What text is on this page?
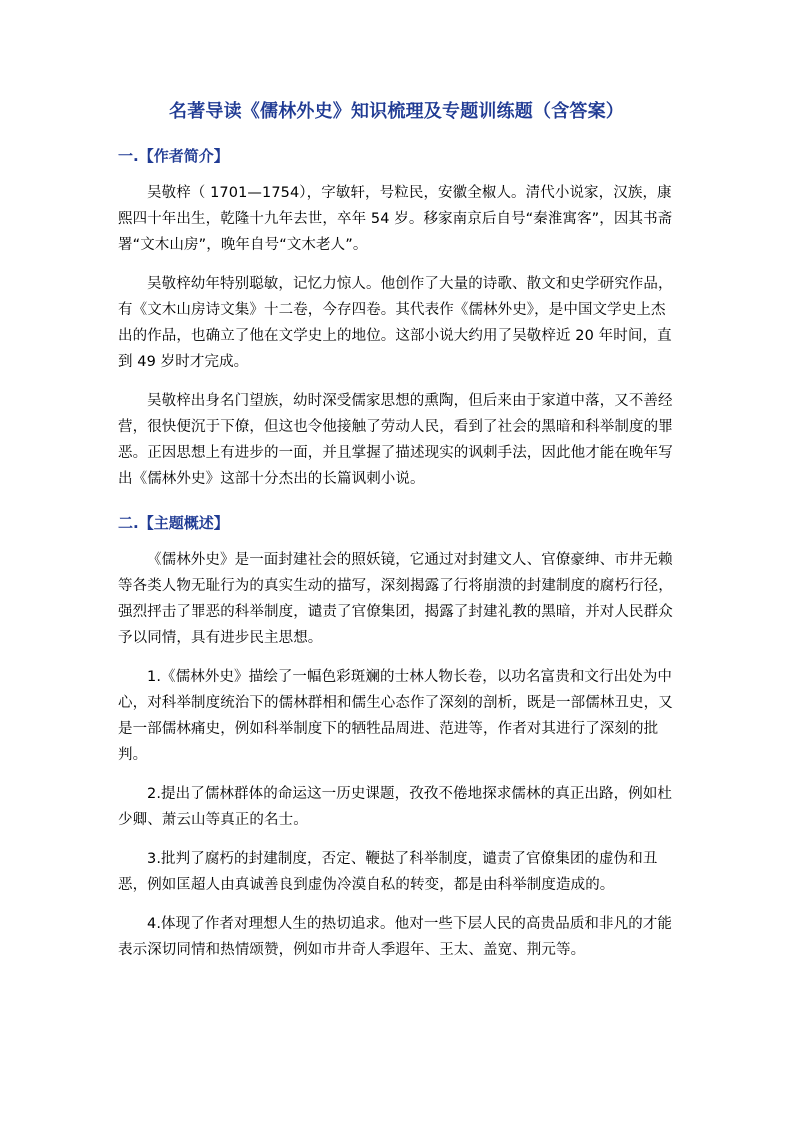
名著导读《儒林外史》知识梳理及专题训练题（含答案）
一.【作者简介】

吴敬梓（ 1701—1754），字敏轩，号粒民，安徽全椒人。清代小说家，汉族，康熙四十年出生，乾隆十九年去世，卒年 54 岁。移家南京后自号“秦淮寓客”，因其书斋署“文木山房”，晚年自号“文木老人”。

吴敬梓幼年特别聪敏，记忆力惊人。他创作了大量的诗歌、散文和史学研究作品，有《文木山房诗文集》十二卷，今存四卷。其代表作《儒林外史》，是中国文学史上杰出的作品，也确立了他在文学史上的地位。这部小说大约用了吴敬梓近 20 年时间，直到 49 岁时才完成。

吴敬梓出身名门望族，幼时深受儒家思想的熏陶，但后来由于家道中落，又不善经营，很快便沉于下僚，但这也令他接触了劳动人民，看到了社会的黑暗和科举制度的罪恶。正因思想上有进步的一面，并且掌握了描述现实的讽刺手法，因此他才能在晚年写出《儒林外史》这部十分杰出的长篇讽刺小说。

二.【主题概述】

《儒林外史》是一面封建社会的照妖镜，它通过对封建文人、官僚豪绅、市井无赖等各类人物无耻行为的真实生动的描写，深刻揭露了行将崩溃的封建制度的腐朽行径，强烈抨击了罪恶的科举制度，谴责了官僚集团，揭露了封建礼教的黑暗，并对人民群众予以同情，具有进步民主思想。

1.《儒林外史》描绘了一幅色彩斑斓的士林人物长卷，以功名富贵和文行出处为中心，对科举制度统治下的儒林群相和儒生心态作了深刻的剖析，既是一部儒林丑史，又是一部儒林痛史，例如科举制度下的牺牲品周进、范进等，作者对其进行了深刻的批判。

2.提出了儒林群体的命运这一历史课题，孜孜不倦地探求儒林的真正出路，例如杜少卿、萧云山等真正的名士。

3.批判了腐朽的封建制度，否定、鞭挞了科举制度，谴责了官僚集团的虚伪和丑恶，例如匡超人由真诚善良到虚伪冷漠自私的转变，都是由科举制度造成的。

4.体现了作者对理想人生的热切追求。他对一些下层人民的高贵品质和非凡的才能表示深切同情和热情颂赞，例如市井奇人季遐年、王太、盖宽、荆元等。
